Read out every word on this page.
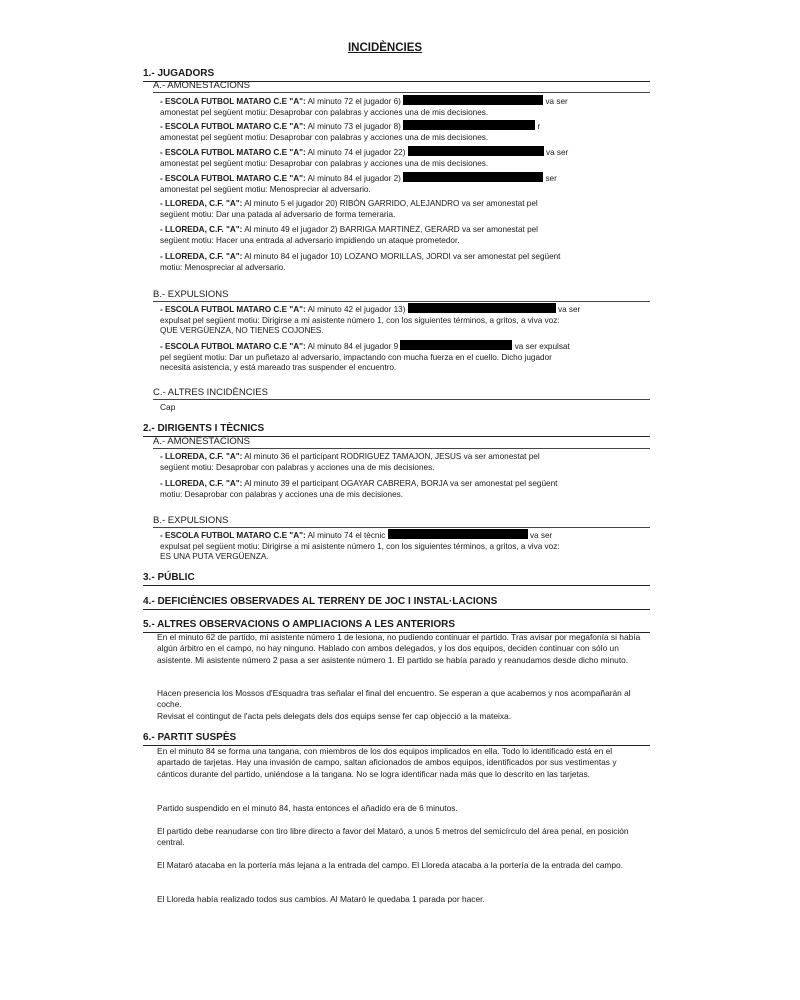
INCIDÈNCIES
1.- JUGADORS
A.- AMONESTACIONS
- ESCOLA FUTBOL MATARO C.E "A": Al minuto 72 el jugador 6)	va ser
amonestat pel següent motiu: Desaprobar con palabras y acciones una de mis decisiones.
- ESCOLA FUTBOL MATARO C.E "A": Al minuto 73 el jugador 8)	r
amonestat pel següent motiu: Desaprobar con palabras y acciones una de mis decisiones.
- ESCOLA FUTBOL MATARO C.E "A": Al minuto 74 el jugador 22)	va ser
amonestat pel següent motiu: Desaprobar con palabras y acciones una de mis decisiones.
- ESCOLA FUTBOL MATARO C.E "A": Al minuto 84 el jugador 2)	ser
amonestat pel següent motiu: Menospreciar al adversario.
- LLOREDA, C.F. "A": Al minuto 5 el jugador 20) RIBÓN GARRIDO, ALEJANDRO va ser amonestat pel
següent motiu: Dar una patada al adversario de forma temeraria.
- LLOREDA, C.F. "A": Al minuto 49 el jugador 2) BARRIGA MARTINEZ, GERARD va ser amonestat pel
següent motiu: Hacer una entrada al adversario impidiendo un ataque prometedor.
- LLOREDA, C.F. "A": Al minuto 84 el jugador 10) LOZANO MORILLAS, JORDI va ser amonestat pel següent
motiu: Menospreciar al adversario.
B.- EXPULSIONS
- ESCOLA FUTBOL MATARO C.E "A": Al minuto 42 el jugador 13)	va ser
expulsat pel següent motiu: Dirigirse a mi asistente número 1, con los siguientes términos, a gritos, a viva voz:
QUE VERGÜENZA, NO TIENES COJONES.
- ESCOLA FUTBOL MATARO C.E "A": Al minuto 84 el jugador 9	va ser expulsat
pel següent motiu: Dar un puñetazo al adversario, impactando con mucha fuerza en el cuello. Dicho jugador
necesita asistencia, y está mareado tras suspender el encuentro.
C.- ALTRES INCIDÈNCIES
Cap
2.- DIRIGENTS I TÈCNICS
A.- AMONESTACIONS
- LLOREDA, C.F. "A": Al minuto 36 el participant RODRIGUEZ TAMAJON, JESUS va ser amonestat pel
següent motiu: Desaprobar con palabras y acciones una de mis decisiones.
- LLOREDA, C.F. "A": Al minuto 39 el participant OGAYAR CABRERA, BORJA va ser amonestat pel següent
motiu: Desaprobar con palabras y acciones una de mis decisiones.
B.- EXPULSIONS
- ESCOLA FUTBOL MATARO C.E "A": Al minuto 74 el tècnic	va ser
expulsat pel següent motiu: Dirigirse a mi asistente número 1, con los siguientes términos, a gritos, a viva voz:
ES UNA PUTA VERGÜENZA.
3.- PÚBLIC
4.- DEFICIÈNCIES OBSERVADES AL TERRENY DE JOC I INSTAL·LACIONS
5.- ALTRES OBSERVACIONS O AMPLIACIONS A LES ANTERIORS
En el minuto 62 de partido, mi asistente número 1 de lesiona, no pudiendo continuar el partido. Tras avisar por megafonía si había algún árbitro en el campo, no hay ninguno. Hablado con ambos delegados, y los dos equipos, deciden continuar con sólo un asistente. Mi asistente número 2 pasa a ser asistente número 1. El partido se había parado y reanudamos desde dicho minuto.
Hacen presencia los Mossos d'Esquadra tras señalar el final del encuentro. Se esperan a que acabemos y nos acompañarán al coche.
Revisat el contingut de l'acta pels delegats dels dos equips sense fer cap objecció a la mateixa.
6.- PARTIT SUSPÈS
En el minuto 84 se forma una tangana, con miembros de los dos equipos implicados en ella. Todo lo identificado está en el apartado de tarjetas. Hay una invasión de campo, saltan aficionados de ambos equipos, identificados por sus vestimentas y cánticos durante del partido, uniéndose a la tangana. No se logra identificar nada más que lo descrito en las tarjetas.
Partido suspendido en el minuto 84, hasta entonces el añadido era de 6 minutos.
El partido debe reanudarse con tiro libre directo a favor del Mataró, a unos 5 metros del semicírculo del área penal, en posición central.
El Mataró atacaba en la portería más lejana a la entrada del campo. El Lloreda atacaba a la portería de la entrada del campo.
El Lloreda había realizado todos sus cambios. Al Mataró le quedaba 1 parada por hacer.
